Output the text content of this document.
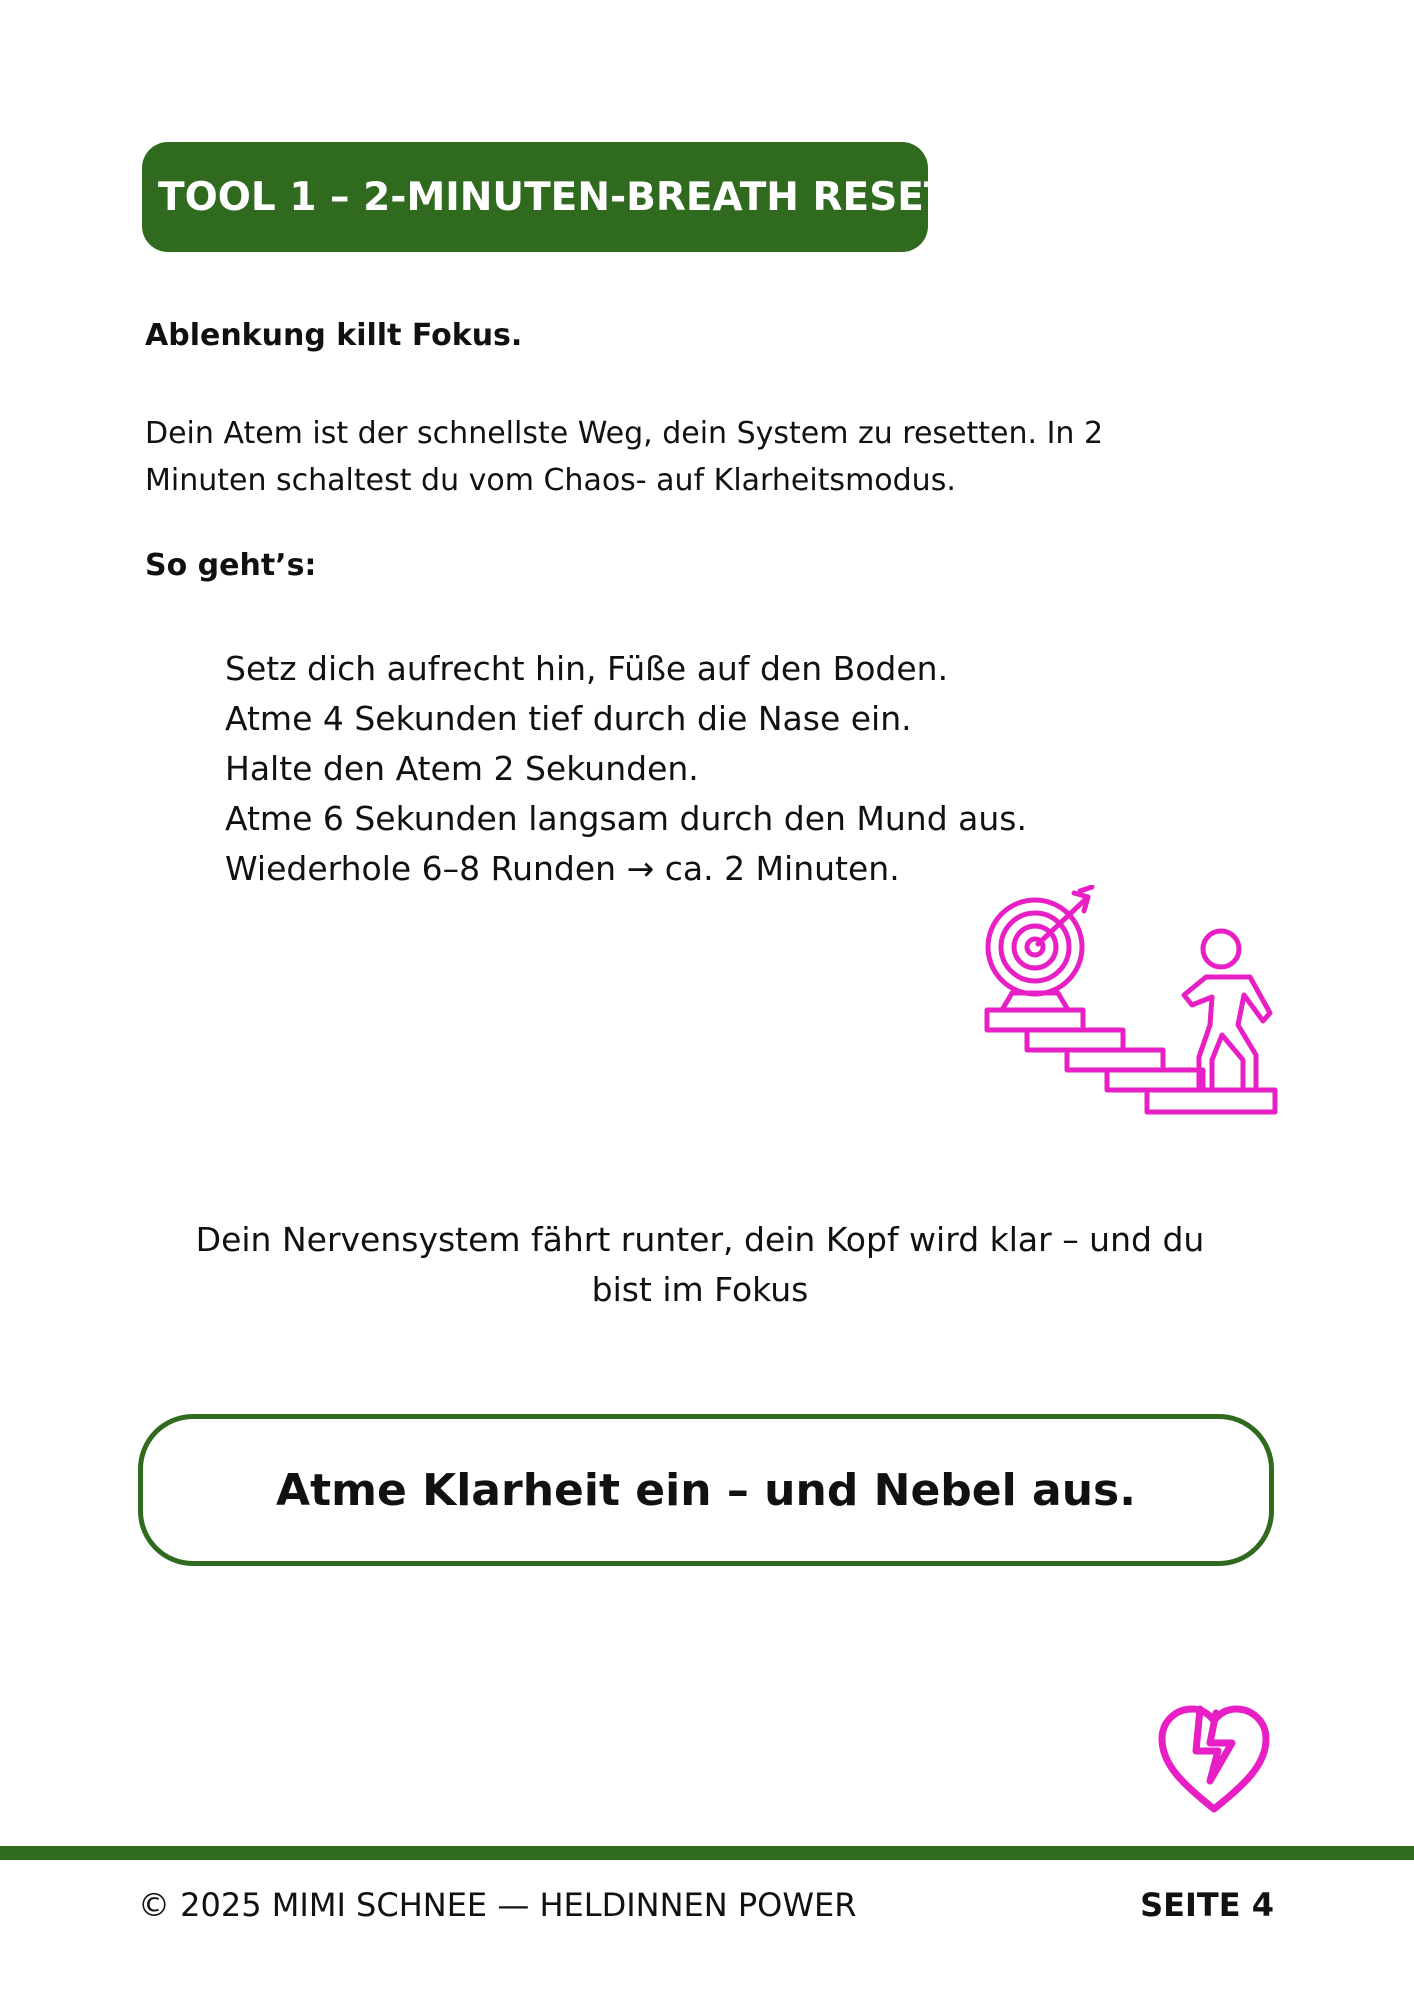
TOOL 1 – 2-MINUTEN-BREATH RESET

Ablenkung killt Fokus.

Dein Atem ist der schnellste Weg, dein System zu resetten. In 2
Minuten schaltest du vom Chaos- auf Klarheitsmodus.

So geht’s:

Setz dich aufrecht hin, Füße auf den Boden.
Atme 4 Sekunden tief durch die Nase ein.
Halte den Atem 2 Sekunden.
Atme 6 Sekunden langsam durch den Mund aus.
Wiederhole 6–8 Runden → ca. 2 Minuten.
Dein Nervensystem fährt runter, dein Kopf wird klar – und du
bist im Fokus
Atme Klarheit ein – und Nebel aus.

© 2025 MIMI SCHNEE — HELDINNEN POWER	SEITE 4
